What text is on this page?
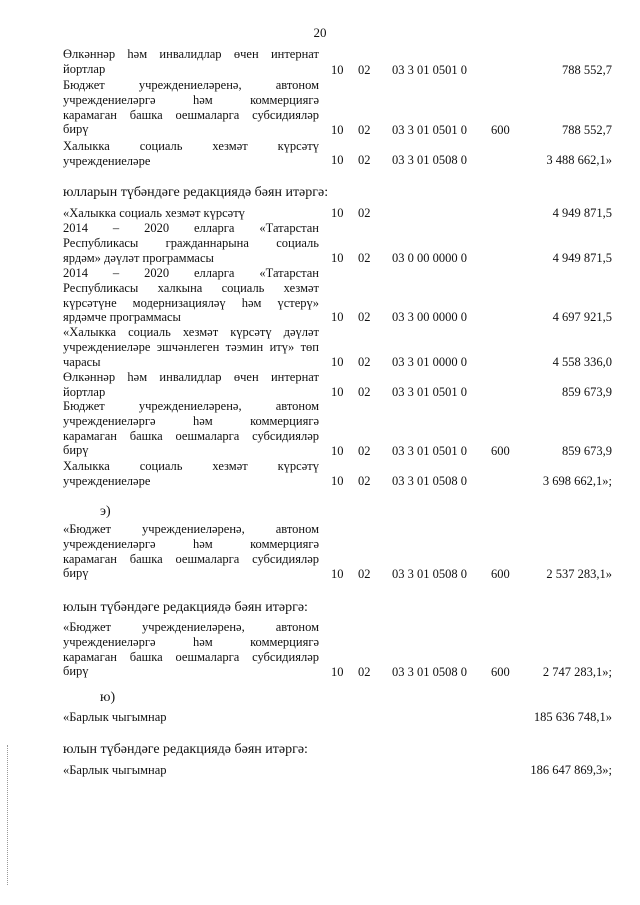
20
Өлкәннәр һәм инвалидлар өчен интернат
йортлар	10 02 03 3 01 0501 0	788 552,7
Бюджет учреждениеләренә, автоном
учреждениеләргә һәм коммерциягә
карамаган башка оешмаларга субсидияләр
бирү	10 02 03 3 01 0501 0 600	788 552,7
Халыкка социаль хезмәт күрсәтү
учреждениеләре	10 02 03 3 01 0508 0	3 488 662,1»
юлларын түбәндәге редакциядә бәян итәргә:
«Халыкка социаль хезмәт күрсәтү	10 02	4 949 871,5
2014 – 2020 елларга «Татарстан
Республикасы гражданнарына социаль
ярдәм» дәүләт программасы	10 02 03 0 00 0000 0	4 949 871,5
2014 – 2020 елларга «Татарстан
Республикасы халкына социаль хезмәт
күрсәтүне модернизацияләү һәм үстерү»
ярдәмче программасы	10 02 03 3 00 0000 0	4 697 921,5
«Халыкка социаль хезмәт күрсәтү дәүләт
учреждениеләре эшчәнлеген тәэмин итү» төп
чарасы	10 02 03 3 01 0000 0	4 558 336,0
Өлкәннәр һәм инвалидлар өчен интернат
йортлар	10 02 03 3 01 0501 0	859 673,9
Бюджет учреждениеләренә, автоном
учреждениеләргә һәм коммерциягә
карамаган башка оешмаларга субсидияләр
бирү	10 02 03 3 01 0501 0 600	859 673,9
Халыкка социаль хезмәт күрсәтү
учреждениеләре	10 02 03 3 01 0508 0	3 698 662,1»;
э)
«Бюджет учреждениеләренә, автоном
учреждениеләргә һәм коммерциягә
карамаган башка оешмаларга субсидияләр
бирү	10 02 03 3 01 0508 0 600	2 537 283,1»
юлын түбәндәге редакциядә бәян итәргә:
«Бюджет учреждениеләренә, автоном
учреждениеләргә һәм коммерциягә
карамаган башка оешмаларга субсидияләр
бирү	10 02 03 3 01 0508 0 600	2 747 283,1»;
ю)
«Барлык чыгымнар	185 636 748,1»
юлын түбәндәге редакциядә бәян итәргә:
«Барлык чыгымнар	186 647 869,3»;
